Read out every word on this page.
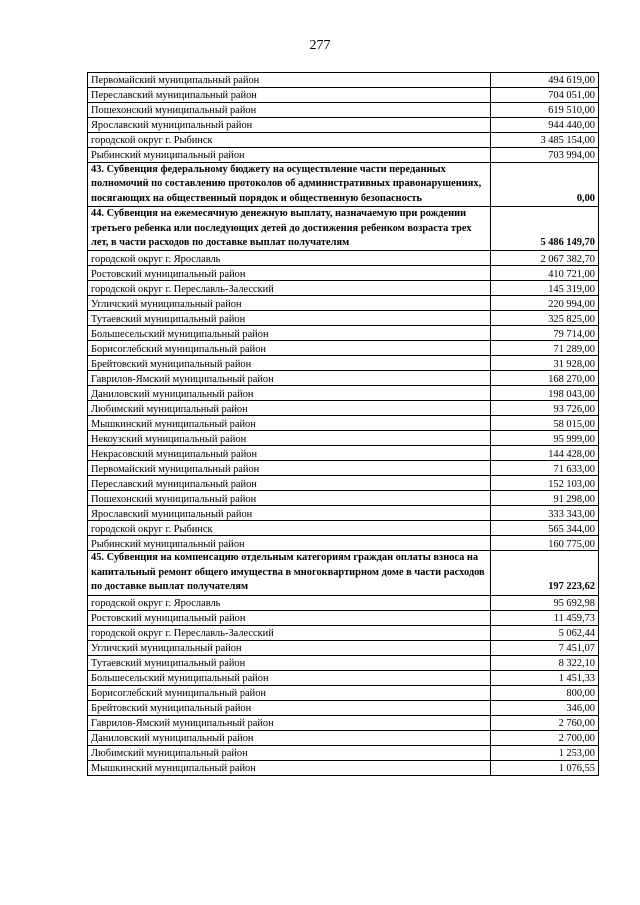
277
Первомайский муниципальный район	494 619,00
Переславский муниципальный район	704 051,00
Пошехонский муниципальный район	619 510,00
Ярославский муниципальный район	944 440,00
городской округ г. Рыбинск	3 485 154,00
Рыбинский муниципальный район	703 994,00
43. Субвенция федеральному бюджету на осуществление части переданных полномочий по составлению протоколов об административных правонарушениях, посягающих на общественный порядок и общественную безопасность	0,00
44. Субвенция на ежемесячную денежную выплату, назначаемую при рождении третьего ребенка или последующих детей до достижения ребенком возраста трех лет, в части расходов по доставке выплат получателям	5 486 149,70
городской округ г. Ярославль	2 067 382,70
Ростовский муниципальный район	410 721,00
городской округ г. Переславль-Залесский	145 319,00
Угличский муниципальный район	220 994,00
Тутаевский муниципальный район	325 825,00
Большесельский муниципальный район	79 714,00
Борисоглебский муниципальный район	71 289,00
Брейтовский муниципальный район	31 928,00
Гаврилов-Ямский муниципальный район	168 270,00
Даниловский муниципальный район	198 043,00
Любимский муниципальный район	93 726,00
Мышкинский муниципальный район	58 015,00
Некоузский муниципальный район	95 999,00
Некрасовский муниципальный район	144 428,00
Первомайский муниципальный район	71 633,00
Переславский муниципальный район	152 103,00
Пошехонский муниципальный район	91 298,00
Ярославский муниципальный район	333 343,00
городской округ г. Рыбинск	565 344,00
Рыбинский муниципальный район	160 775,00
45. Субвенция на компенсацию отдельным категориям граждан оплаты взноса на капитальный ремонт общего имущества в многоквартирном доме в части расходов по доставке выплат получателям	197 223,62
городской округ г. Ярославль	95 692,98
Ростовский муниципальный район	11 459,73
городской округ г. Переславль-Залесский	5 062,44
Угличский муниципальный район	7 451,07
Тутаевский муниципальный район	8 322,10
Большесельский муниципальный район	1 451,33
Борисоглебский муниципальный район	800,00
Брейтовский муниципальный район	346,00
Гаврилов-Ямский муниципальный район	2 760,00
Даниловский муниципальный район	2 700,00
Любимский муниципальный район	1 253,00
Мышкинский муниципальный район	1 076,55
